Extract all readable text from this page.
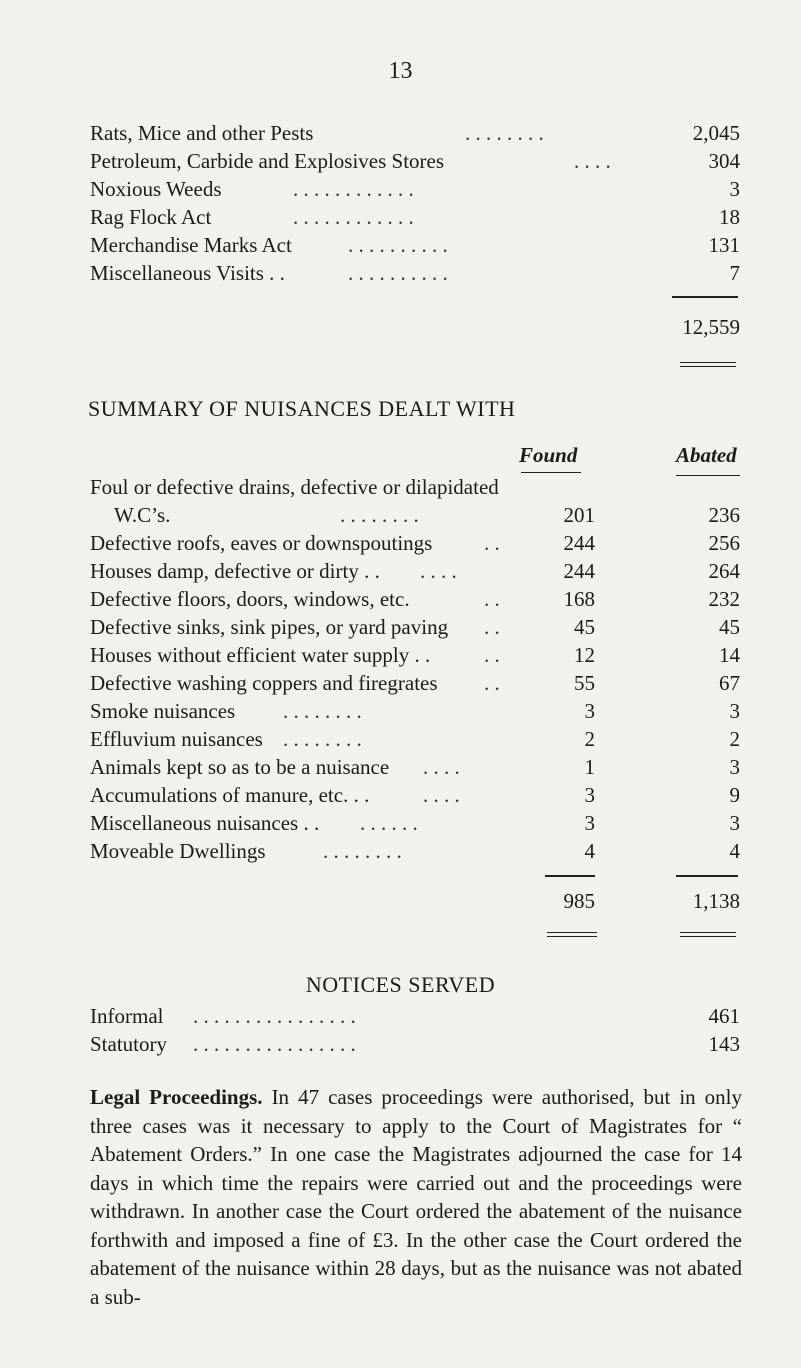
13
Rats, Mice and other Pests	. . . . . . . .	2,045
Petroleum, Carbide and Explosives Stores	. . . .	304
Noxious Weeds	. . . . . . . . . . . .	3
Rag Flock Act	. . . . . . . . . . . .	18
Merchandise Marks Act	. . . . . . . . . .	131
Miscellaneous Visits . .	. . . . . . . . . .	7
12,559
SUMMARY OF NUISANCES DEALT WITH
Found	Abated
Foul or defective drains, defective or dilapidated
W.C’s.	. . . . . . . .	201	236
Defective roofs, eaves or downspoutings . .	244	256
Houses damp, defective or dirty . . . . . .	244	264
Defective floors, doors, windows, etc.	. .	168	232
Defective sinks, sink pipes, or yard paving . .	45	45
Houses without efficient water supply . .	. .	12	14
Defective washing coppers and firegrates . .	55	67
Smoke nuisances . . . . . . . .	3	3
Effluvium nuisances . . . . . . . .	2	2
Animals kept so as to be a nuisance . . . .	1	3
Accumulations of manure, etc. . .	. . . .	3	9
Miscellaneous nuisances . . . . . . . .	3	3
Moveable Dwellings	. . . . . . . .	4	4
985	1,138
NOTICES SERVED
Informal . . . . . . . . . . . . . . . .	461
Statutory . . . . . . . . . . . . . . . .	143
Legal Proceedings. In 47 cases proceedings were authorised, but in only three cases was it necessary to apply to the Court of Magistrates for “ Abatement Orders.” In one case the Magistrates adjourned the case for 14 days in which time the repairs were carried out and the proceedings were withdrawn. In another case the Court ordered the abatement of the nuisance forthwith and imposed a fine of £3. In the other case the Court ordered the abatement of the nuisance within 28 days, but as the nuisance was not abated a sub-
